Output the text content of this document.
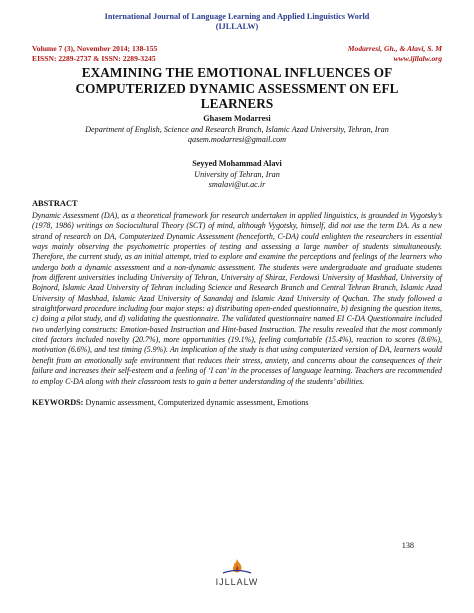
International Journal of Language Learning and Applied Linguistics World
(IJLLALW)
Volume 7 (3), November 2014; 138-155
EISSN: 2289-2737 & ISSN: 2289-3245
Modarresi, Gh., & Alavi, S. M
www.ijllalw.org
EXAMINING THE EMOTIONAL INFLUENCES OF COMPUTERIZED DYNAMIC ASSESSMENT ON EFL LEARNERS
Ghasem Modarresi
Department of English, Science and Research Branch, Islamic Azad University, Tehran, Iran
qasem.modarresi@gmail.com
Seyyed Mohammad Alavi
University of Tehran, Iran
smalavi@ut.ac.ir
ABSTRACT
Dynamic Assessment (DA), as a theoretical framework for research undertaken in applied linguistics, is grounded in Vygotsky’s (1978, 1986) writings on Sociocultural Theory (SCT) of mind, although Vygotsky, himself, did not use the term DA. As a new strand of research on DA, Computerized Dynamic Assessment (henceforth, C-DA) could enlighten the researchers in essential ways mainly observing the psychometric properties of testing and assessing a large number of students simultaneously. Therefore, the current study, as an initial attempt, tried to explore and examine the perceptions and feelings of the learners who undergo both a dynamic assessment and a non-dynamic assessment. The students were undergraduate and graduate students from different universities including University of Tehran, University of Shiraz, Ferdowsi University of Mashhad, University of Bojnord, Islamic Azad University of Tehran including Science and Research Branch and Central Tehran Branch, Islamic Azad University of Mashhad, Islamic Azad University of Sanandaj and Islamic Azad University of Quchan. The study followed a straightforward procedure including four major steps: a) distributing open-ended questionnaire, b) designing the question items, c) doing a pilot study, and d) validating the questionnaire. The validated questionnaire named EI C-DA Questionnaire included two underlying constructs: Emotion-based Instruction and Hint-based Instruction. The results revealed that the most commonly cited factors included novelty (20.7%), more opportunities (19.1%), feeling comfortable (15.4%), reaction to scores (8.6%), motivation (6.6%), and test timing (5.9%). An implication of the study is that using computerized version of DA, learners would benefit from an emotionally safe environment that reduces their stress, anxiety, and concerns about the consequences of their failure and increases their self-esteem and a feeling of ‘I can’ in the processes of language learning. Teachers are recommended to employ C-DA along with their classroom tests to gain a better understanding of the students’ abilities.
KEYWORDS: Dynamic assessment, Computerized dynamic assessment, Emotions
138
IJLLALW
